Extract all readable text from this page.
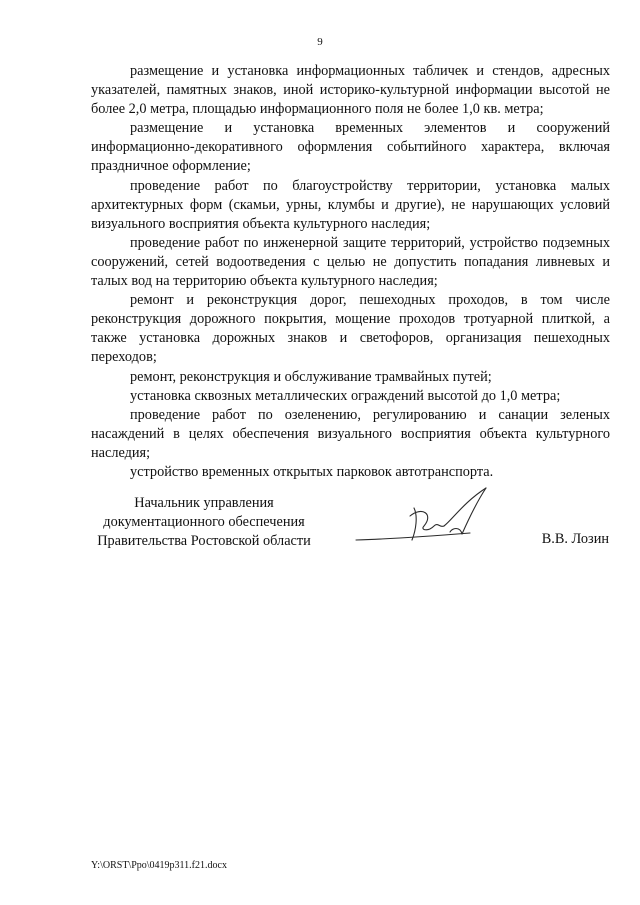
9

размещение и установка информационных табличек и стендов, адресных указателей, памятных знаков, иной историко-культурной информации высотой не более 2,0 метра, площадью информационного поля не более 1,0 кв. метра;

размещение и установка временных элементов и сооружений информационно-декоративного оформления событийного характера, включая праздничное оформление;

проведение работ по благоустройству территории, установка малых архитектурных форм (скамьи, урны, клумбы и другие), не нарушающих условий визуального восприятия объекта культурного наследия;

проведение работ по инженерной защите территорий, устройство подземных сооружений, сетей водоотведения с целью не допустить попадания ливневых и талых вод на территорию объекта культурного наследия;

ремонт и реконструкция дорог, пешеходных проходов, в том числе реконструкция дорожного покрытия, мощение проходов тротуарной плиткой, а также установка дорожных знаков и светофоров, организация пешеходных переходов;

ремонт, реконструкция и обслуживание трамвайных путей;

установка сквозных металлических ограждений высотой до 1,0 метра;

проведение работ по озеленению, регулированию и санации зеленых насаждений в целях обеспечения визуального восприятия объекта культурного наследия;

устройство временных открытых парковок автотранспорта.

Начальник управления
документационного обеспечения
Правительства Ростовской области	В.В. Лозин
Y:\ORST\Ppo\0419p311.f21.docx
